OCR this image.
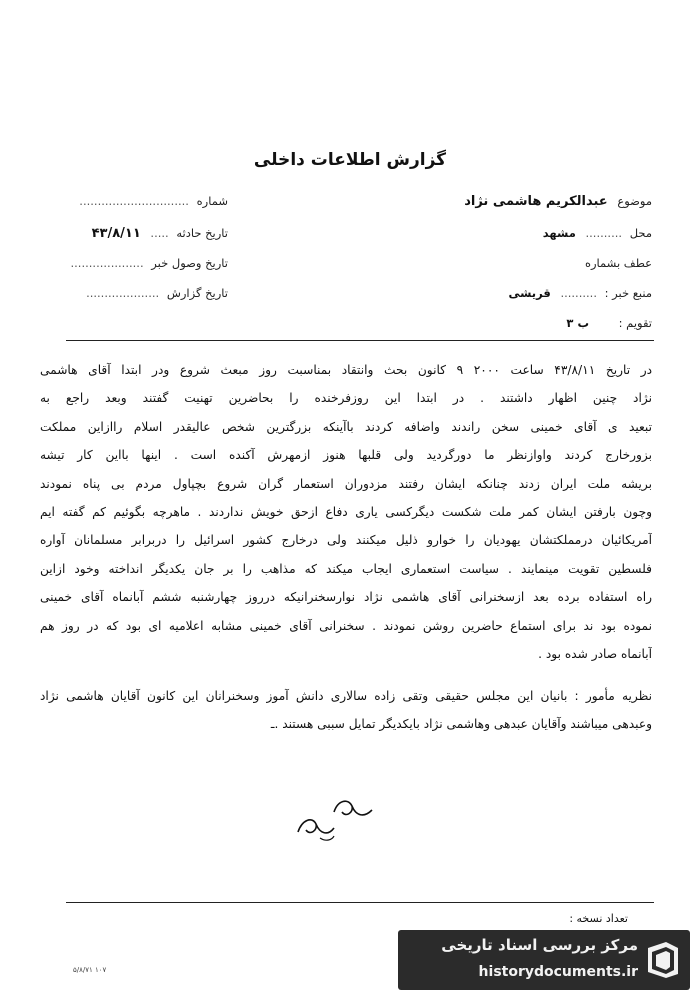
گزارش اطلاعات داخلی
موضوع عبدالکریم هاشمی نژاد
محل .......... مشهد
عطف بشماره
منبع خبر : .......... قریشی
تقویم : ب ۳
شماره ..............................
تاریخ حادثه ..... ۴۳/۸/۱۱
تاریخ وصول خبر ....................
تاریخ گزارش ....................
در تاریخ ۴۳/۸/۱۱ ساعت ۲۰۰۰ ۹ کانون بحث وانتقاد بمناسبت روز مبعث شروع ودر ابتدا آقای هاشمی
نژاد چنین اظهار داشتند . در ابتدا این روزفرخنده را بحاضرین تهنیت گفتند وبعد راجع به
تبعید ی آقای خمینی سخن راندند واضافه کردند باآینکه بزرگترین شخص عالیقدر اسلام راازاین مملکت
بزورخارج کردند واوازنظر ما دورگردید ولی قلبها هنوز ازمهرش آکنده است . اینها بااین کار تیشه
بریشه ملت ایران زدند چنانکه ایشان رفتند مزدوران استعمار گران شروع بچپاول مردم بی پناه نمودند
وچون بارفتن ایشان کمر ملت شکست دیگرکسی یاری دفاع ازحق خویش نداردند . ماهرچه بگوئیم کم گفته ایم
آمریکائیان درمملکتشان یهودیان را خوارو ذلیل میکنند ولی درخارج کشور اسرائیل را دربرابر مسلمانان آواره
فلسطین تقویت مینمایند . سیاست استعماری ایجاب میکند که مذاهب را بر جان یکدیگر انداخته وخود ازاین
راه استفاده برده بعد ازسخنرانی آقای هاشمی نژاد نوارسخنرانیکه درروز چهارشنبه ششم آبانماه آقای خمینی
نموده بود ند برای استماع حاضرین روشن نمودند . سخنرانی آقای خمینی مشابه اعلامیه ای بود که در روز هم
آبانماه صادر شده بود .
نظریه مأمور : بانیان این مجلس حقیقی وتقی زاده سالاری دانش آموز وسخنرانان این کانون آقایان هاشمی نژاد
وعبدهی میباشند وآقایان عبدهی وهاشمی نژاد بایکدیگر تمایل سببی هستند .ـ
تعداد نسخه :
۵/۸/۷۱ ۱۰۷
مرکز بررسی اسناد تاریخی
historydocuments.ir
